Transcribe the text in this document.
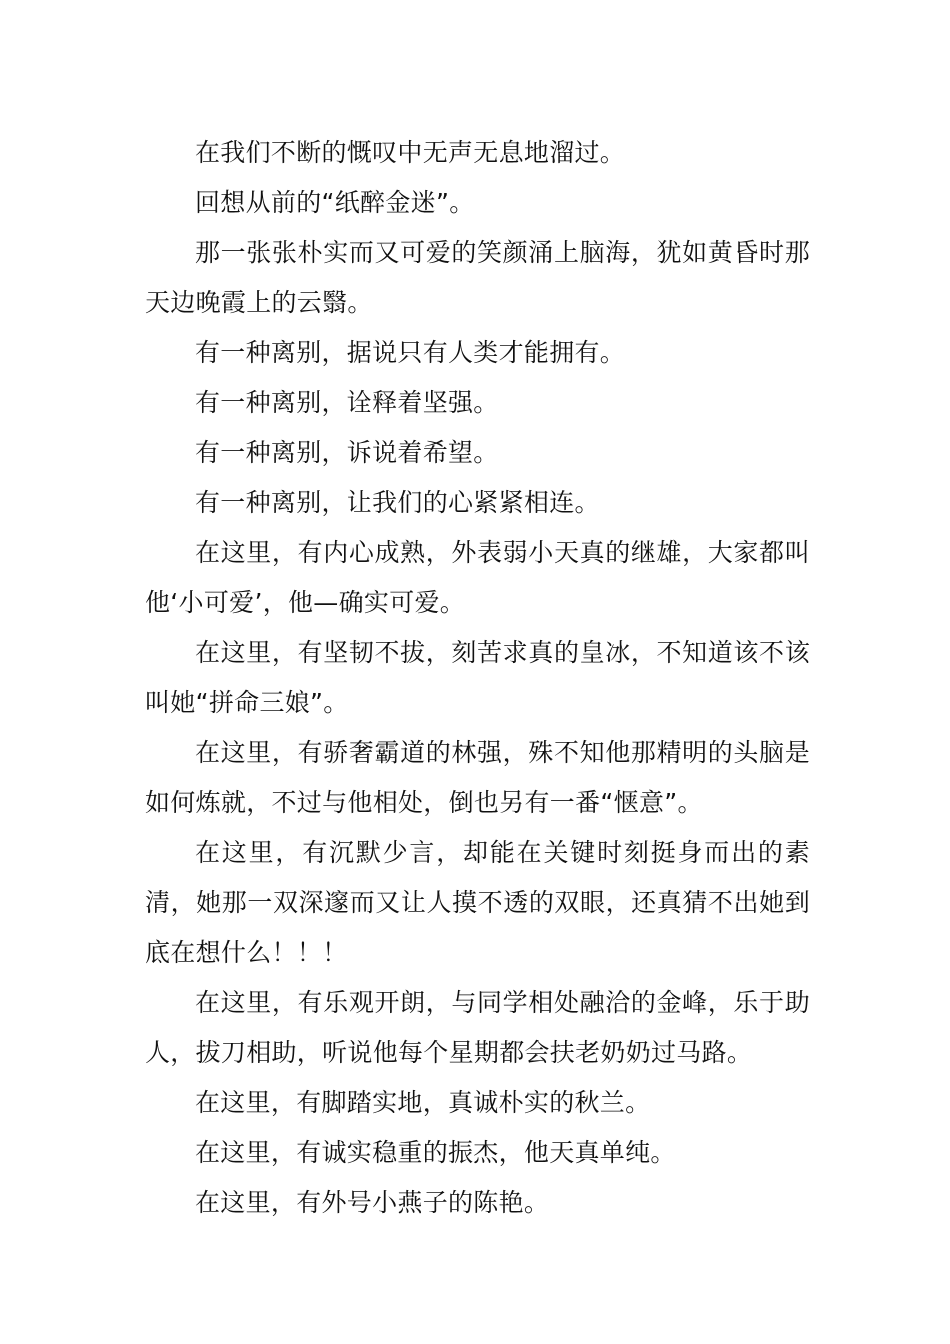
在我们不断的慨叹中无声无息地溜过。

回想从前的“纸醉金迷”。

那一张张朴实而又可爱的笑颜涌上脑海，犹如黄昏时那天边晚霞上的云翳。

有一种离别，据说只有人类才能拥有。

有一种离别，诠释着坚强。

有一种离别，诉说着希望。

有一种离别，让我们的心紧紧相连。

在这里，有内心成熟，外表弱小天真的继雄，大家都叫他‘小可爱’，他—确实可爱。

在这里，有坚韧不拔，刻苦求真的皇冰，不知道该不该叫她“拼命三娘”。

在这里，有骄奢霸道的林强，殊不知他那精明的头脑是如何炼就，不过与他相处，倒也另有一番“惬意”。

在这里，有沉默少言，却能在关键时刻挺身而出的素清，她那一双深邃而又让人摸不透的双眼，还真猜不出她到底在想什么！！！

在这里，有乐观开朗，与同学相处融洽的金峰，乐于助人，拔刀相助，听说他每个星期都会扶老奶奶过马路。

在这里，有脚踏实地，真诚朴实的秋兰。

在这里，有诚实稳重的振杰，他天真单纯。

在这里，有外号小燕子的陈艳。
